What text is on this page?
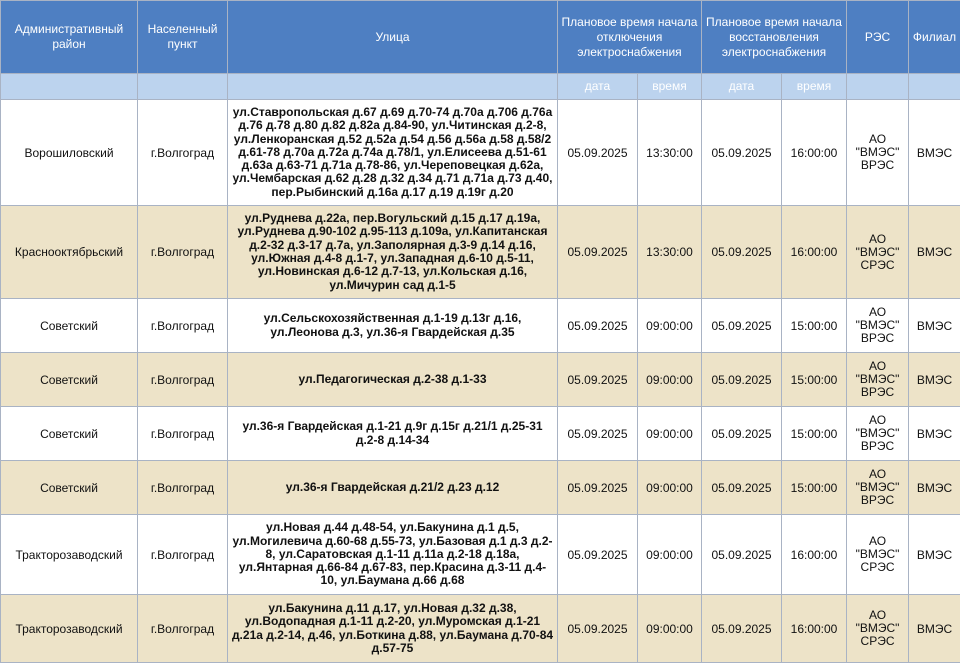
Административный район	Населенный пункт	Улица	Плановое время начала отключения электроснабжения		Плановое время начала восстановления электроснабжения		РЭС	Филиал
			дата	время	дата	время		
Ворошиловский	г.Волгоград	ул.Ставропольская д.67 д.69 д.70-74 д.70а д.706 д.76а д.76 д.78 д.80 д.82 д.82а д.84-90, ул.Читинская д.2-8, ул.Ленкоранская д.52 д.52а д.54 д.56 д.56а д.58 д.58/2 д.61-78 д.70а д.72а д.74а д.78/1, ул.Елисеева д.51-61 д.63а д.63-71 д.71а д.78-86, ул.Череповецкая д.62а, ул.Чембарская д.62 д.28 д.32 д.34 д.71 д.71а д.73 д.40, пер.Рыбинский д.16а д.17 д.19 д.19г д.20	05.09.2025	13:30:00	05.09.2025	16:00:00	АО "ВМЭС" ВРЭС	ВМЭС
Краснооктябрьский	г.Волгоград	ул.Руднева д.22а, пер.Вогульский д.15 д.17 д.19а, ул.Руднева д.90-102 д.95-113 д.109а, ул.Капитанская д.2-32 д.3-17 д.7а, ул.Заполярная д.3-9 д.14 д.16, ул.Южная д.4-8 д.1-7, ул.Западная д.6-10 д.5-11, ул.Новинская д.6-12 д.7-13, ул.Кольская д.16, ул.Мичурин сад д.1-5	05.09.2025	13:30:00	05.09.2025	16:00:00	АО "ВМЭС" СРЭС	ВМЭС
Советский	г.Волгоград	ул.Сельскохозяйственная д.1-19 д.13г д.16, ул.Леонова д.3, ул.36-я Гвардейская д.35	05.09.2025	09:00:00	05.09.2025	15:00:00	АО "ВМЭС" ВРЭС	ВМЭС
Советский	г.Волгоград	ул.Педагогическая д.2-38 д.1-33	05.09.2025	09:00:00	05.09.2025	15:00:00	АО "ВМЭС" ВРЭС	ВМЭС
Советский	г.Волгоград	ул.36-я Гвардейская д.1-21 д.9г д.15г д.21/1 д.25-31 д.2-8 д.14-34	05.09.2025	09:00:00	05.09.2025	15:00:00	АО "ВМЭС" ВРЭС	ВМЭС
Советский	г.Волгоград	ул.36-я Гвардейская д.21/2 д.23 д.12	05.09.2025	09:00:00	05.09.2025	15:00:00	АО "ВМЭС" ВРЭС	ВМЭС
Тракторозаводский	г.Волгоград	ул.Новая д.44 д.48-54, ул.Бакунина д.1 д.5, ул.Могилевича д.60-68 д.55-73, ул.Базовая д.1 д.3 д.2-8, ул.Саратовская д.1-11 д.11а д.2-18 д.18а, ул.Янтарная д.66-84 д.67-83, пер.Красина д.3-11 д.4-10, ул.Баумана д.66 д.68	05.09.2025	09:00:00	05.09.2025	16:00:00	АО "ВМЭС" СРЭС	ВМЭС
Тракторозаводский	г.Волгоград	ул.Бакунина д.11 д.17, ул.Новая д.32 д.38, ул.Водопадная д.1-11 д.2-20, ул.Муромская д.1-21 д.21а д.2-14, д.46, ул.Боткина д.88, ул.Баумана д.70-84 д.57-75	05.09.2025	09:00:00	05.09.2025	16:00:00	АО "ВМЭС" СРЭС	ВМЭС
